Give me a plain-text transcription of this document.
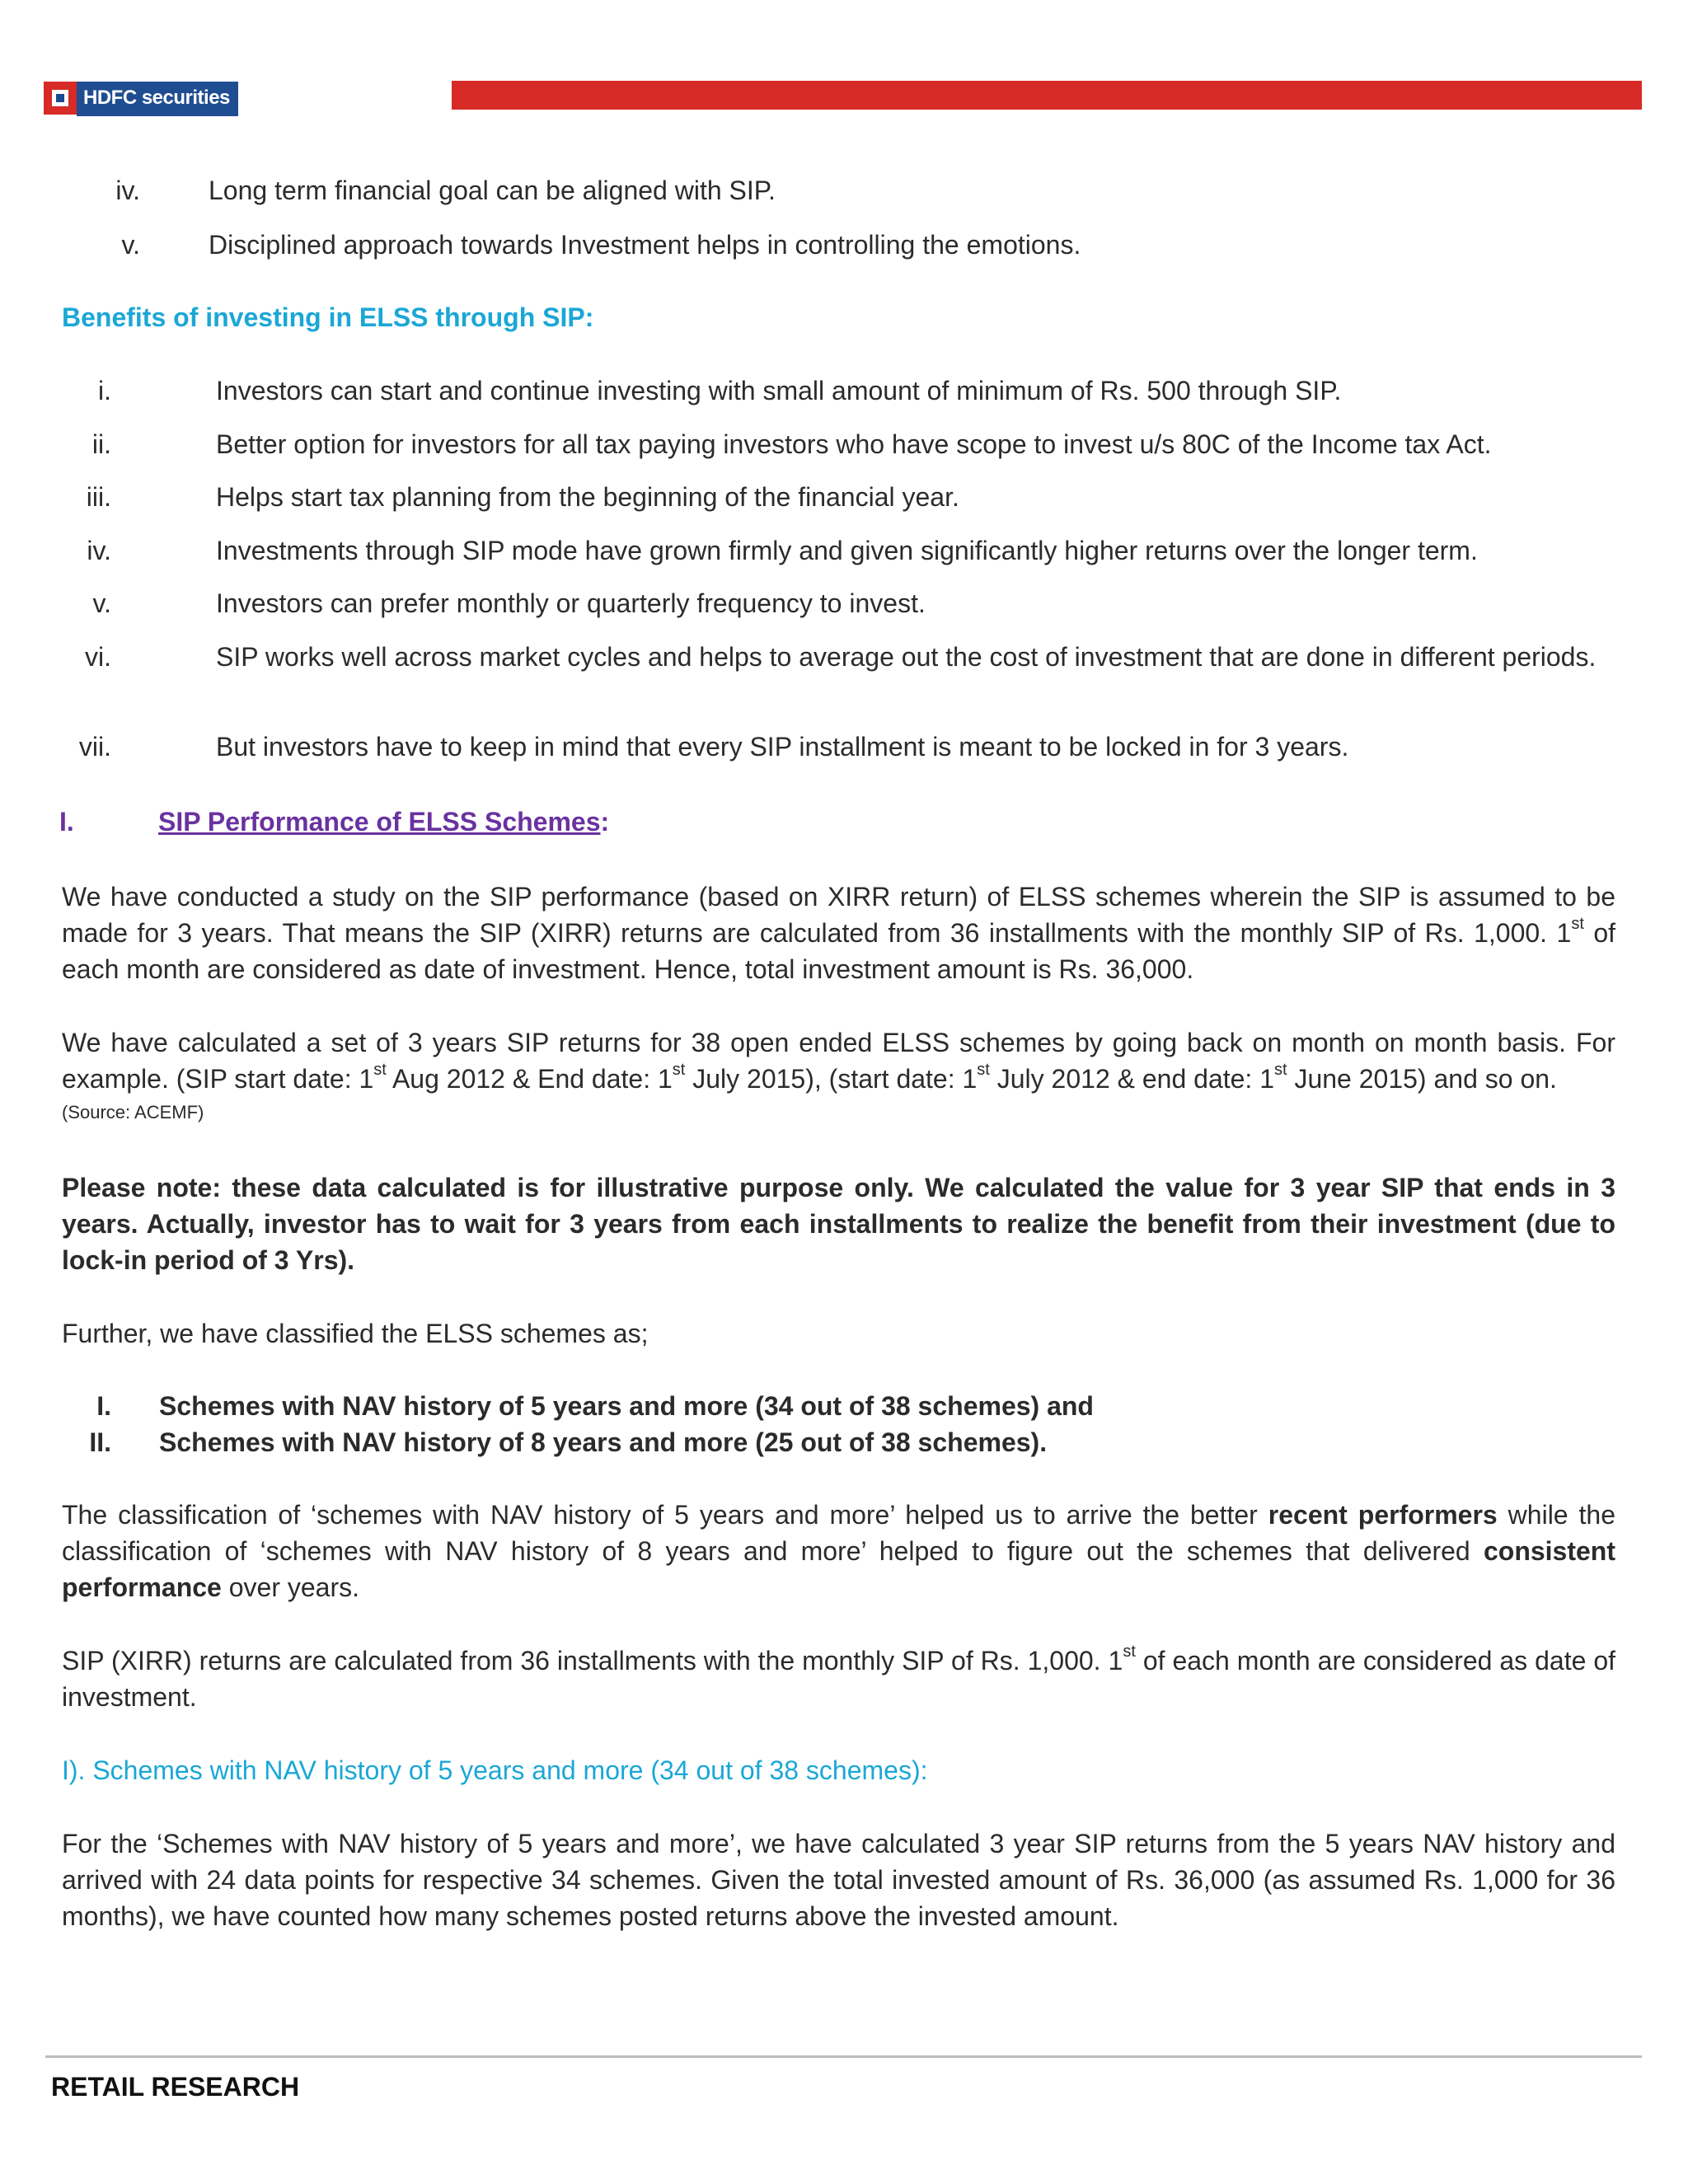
HDFC securities
iv.	Long term financial goal can be aligned with SIP.
v.	Disciplined approach towards Investment helps in controlling the emotions.
Benefits of investing in ELSS through SIP:
i.	Investors can start and continue investing with small amount of minimum of Rs. 500 through SIP.
ii.	Better option for investors for all tax paying investors who have scope to invest u/s 80C of the Income tax Act.
iii.	Helps start tax planning from the beginning of the financial year.
iv.	Investments through SIP mode have grown firmly and given significantly higher returns over the longer term.
v.	Investors can prefer monthly or quarterly frequency to invest.
vi.	SIP works well across market cycles and helps to average out the cost of investment that are done in different periods.
vii.	But investors have to keep in mind that every SIP installment is meant to be locked in for 3 years.
I.	SIP Performance of ELSS Schemes:
We have conducted a study on the SIP performance (based on XIRR return) of ELSS schemes wherein the SIP is assumed to be made for 3 years. That means the SIP (XIRR) returns are calculated from 36 installments with the monthly SIP of Rs. 1,000. 1st of each month are considered as date of investment. Hence, total investment amount is Rs. 36,000.
We have calculated a set of 3 years SIP returns for 38 open ended ELSS schemes by going back on month on month basis. For example. (SIP start date: 1st Aug 2012 & End date: 1st July 2015), (start date: 1st July 2012 & end date: 1st June 2015) and so on.
(Source: ACEMF)
Please note: these data calculated is for illustrative purpose only. We calculated the value for 3 year SIP that ends in 3 years. Actually, investor has to wait for 3 years from each installments to realize the benefit from their investment (due to lock-in period of 3 Yrs).
Further, we have classified the ELSS schemes as;
I. Schemes with NAV history of 5 years and more (34 out of 38 schemes) and
II. Schemes with NAV history of 8 years and more (25 out of 38 schemes).
The classification of ‘schemes with NAV history of 5 years and more’ helped us to arrive the better recent performers while the classification of ‘schemes with NAV history of 8 years and more’ helped to figure out the schemes that delivered consistent performance over years.
SIP (XIRR) returns are calculated from 36 installments with the monthly SIP of Rs. 1,000. 1st of each month are considered as date of investment.
I). Schemes with NAV history of 5 years and more (34 out of 38 schemes):
For the ‘Schemes with NAV history of 5 years and more’, we have calculated 3 year SIP returns from the 5 years NAV history and arrived with 24 data points for respective 34 schemes. Given the total invested amount of Rs. 36,000 (as assumed Rs. 1,000 for 36 months), we have counted how many schemes posted returns above the invested amount.
RETAIL RESEARCH
